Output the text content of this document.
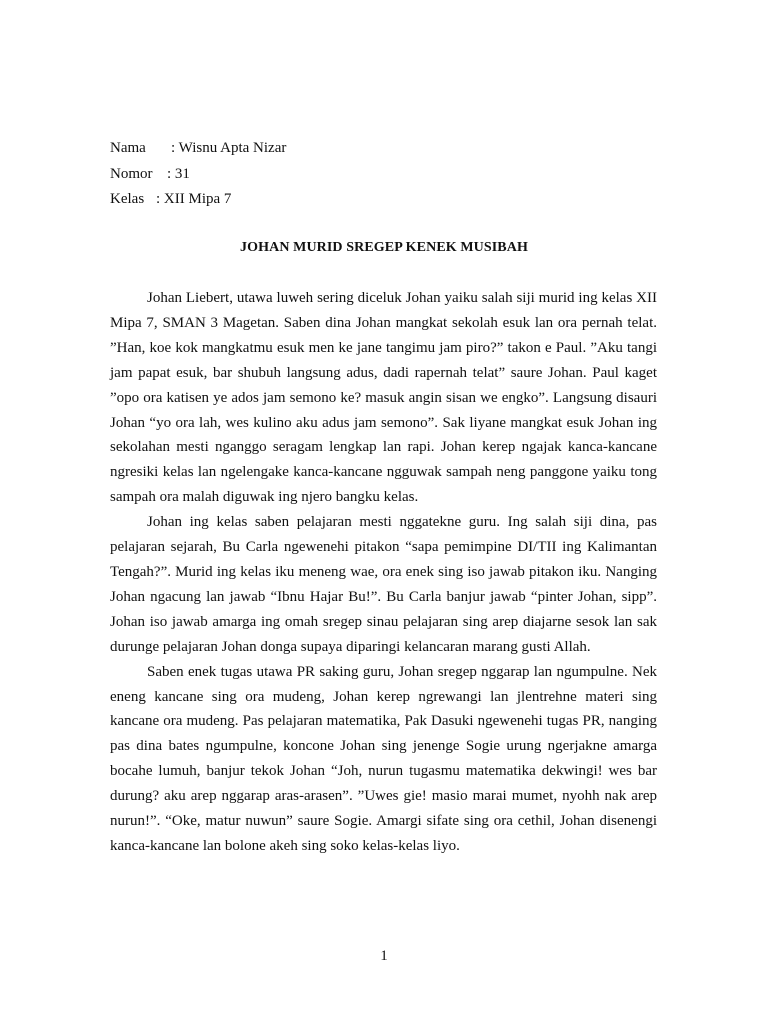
Nama : Wisnu Apta Nizar
Nomor : 31
Kelas : XII Mipa 7
JOHAN MURID SREGEP KENEK MUSIBAH

Johan Liebert, utawa luweh sering diceluk Johan yaiku salah siji murid ing kelas XII Mipa 7, SMAN 3 Magetan. Saben dina Johan mangkat sekolah esuk lan ora pernah telat. ”Han, koe kok mangkatmu esuk men ke jane tangimu jam piro?” takon e Paul. ”Aku tangi jam papat esuk, bar shubuh langsung adus, dadi rapernah telat” saure Johan. Paul kaget ”opo ora katisen ye ados jam semono ke? masuk angin sisan we engko”. Langsung disauri Johan “yo ora lah, wes kulino aku adus jam semono”. Sak liyane mangkat esuk Johan ing sekolahan mesti nganggo seragam lengkap lan rapi. Johan kerep ngajak kanca-kancane ngresiki kelas lan ngelengake kanca-kancane ngguwak sampah neng panggone yaiku tong sampah ora malah diguwak ing njero bangku kelas.

Johan ing kelas saben pelajaran mesti nggatekne guru. Ing salah siji dina, pas pelajaran sejarah, Bu Carla ngewenehi pitakon “sapa pemimpine DI/TII ing Kalimantan Tengah?”. Murid ing kelas iku meneng wae, ora enek sing iso jawab pitakon iku. Nanging Johan ngacung lan jawab “Ibnu Hajar Bu!”. Bu Carla banjur jawab “pinter Johan, sipp”. Johan iso jawab amarga ing omah sregep sinau pelajaran sing arep diajarne sesok lan sak durunge pelajaran Johan donga supaya diparingi kelancaran marang gusti Allah.

Saben enek tugas utawa PR saking guru, Johan sregep nggarap lan ngumpulne. Nek eneng kancane sing ora mudeng, Johan kerep ngrewangi lan jlentrehne materi sing kancane ora mudeng. Pas pelajaran matematika, Pak Dasuki ngewenehi tugas PR, nanging pas dina bates ngumpulne, koncone Johan sing jenenge Sogie urung ngerjakne amarga bocahe lumuh, banjur tekok Johan “Joh, nurun tugasmu matematika dekwingi! wes bar durung? aku arep nggarap aras-arasen”. ”Uwes gie! masio marai mumet, nyohh nak arep nurun!”. “Oke, matur nuwun” saure Sogie. Amargi sifate sing ora cethil, Johan disenengi kanca-kancane lan bolone akeh sing soko kelas-kelas liyo.

1
